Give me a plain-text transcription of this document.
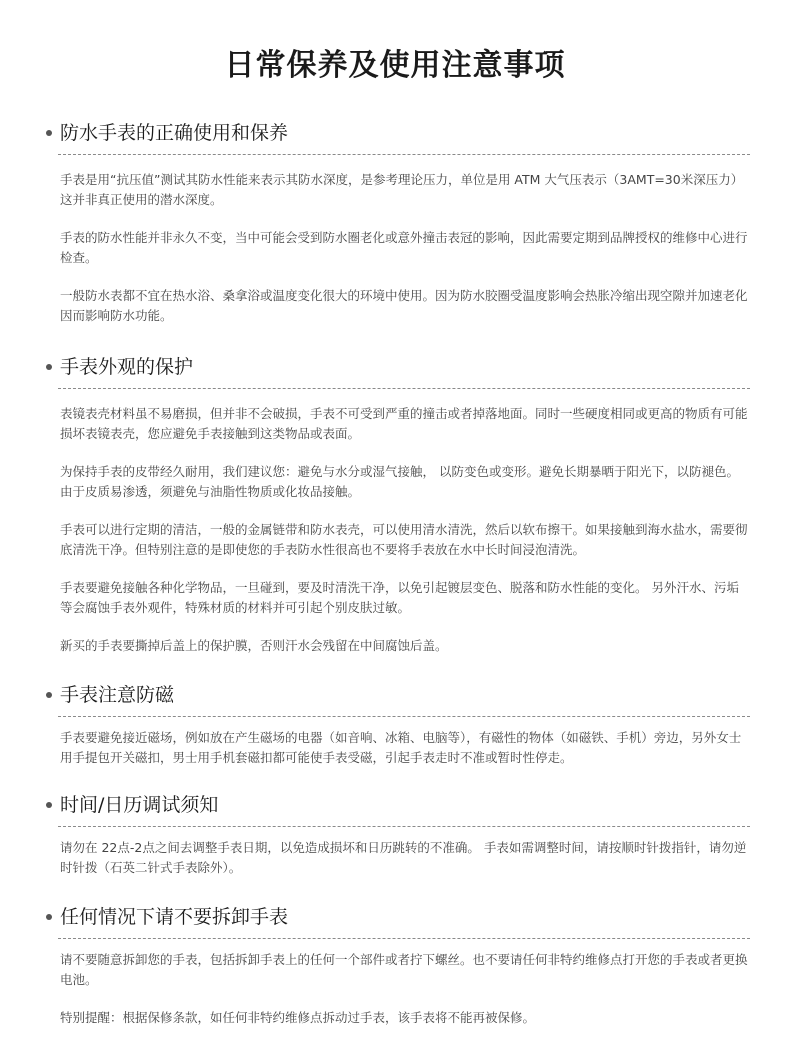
日常保养及使用注意事项
防水手表的正确使用和保养

手表是用“抗压值”测试其防水性能来表示其防水深度，是参考理论压力，单位是用 ATM 大气压表示（3AMT=30米深压力）这并非真正使用的潜水深度。

手表的防水性能并非永久不变，当中可能会受到防水圈老化或意外撞击表冠的影响，因此需要定期到品牌授权的维修中心进行检查。

一般防水表都不宜在热水浴、桑拿浴或温度变化很大的环境中使用。因为防水胶圈受温度影响会热胀冷缩出现空隙并加速老化因而影响防水功能。

手表外观的保护

表镜表壳材料虽不易磨损，但并非不会破损，手表不可受到严重的撞击或者掉落地面。同时一些硬度相同或更高的物质有可能损坏表镜表壳，您应避免手表接触到这类物品或表面。

为保持手表的皮带经久耐用，我们建议您：避免与水分或湿气接触， 以防变色或变形。避免长期暴晒于阳光下，以防褪色。由于皮质易渗透，须避免与油脂性物质或化妆品接触。

手表可以进行定期的清洁，一般的金属链带和防水表壳，可以使用清水清洗，然后以软布擦干。如果接触到海水盐水，需要彻底清洗干净。但特别注意的是即使您的手表防水性很高也不要将手表放在水中长时间浸泡清洗。

手表要避免接触各种化学物品，一旦碰到，要及时清洗干净，以免引起镀层变色、脱落和防水性能的变化。 另外汗水、污垢等会腐蚀手表外观件，特殊材质的材料并可引起个别皮肤过敏。

新买的手表要撕掉后盖上的保护膜，否则汗水会残留在中间腐蚀后盖。

手表注意防磁

手表要避免接近磁场，例如放在产生磁场的电器（如音响、冰箱、电脑等），有磁性的物体（如磁铁、手机）旁边，另外女士用手提包开关磁扣，男士用手机套磁扣都可能使手表受磁，引起手表走时不准或暂时性停走。

时间/日历调试须知

请勿在 22点-2点之间去调整手表日期，以免造成损坏和日历跳转的不准确。 手表如需调整时间，请按顺时针拨指针，请勿逆时针拨（石英二针式手表除外）。

任何情况下请不要拆卸手表

请不要随意拆卸您的手表，包括拆卸手表上的任何一个部件或者拧下螺丝。也不要请任何非特约维修点打开您的手表或者更换电池。

特别提醒：根据保修条款，如任何非特约维修点拆动过手表，该手表将不能再被保修。
